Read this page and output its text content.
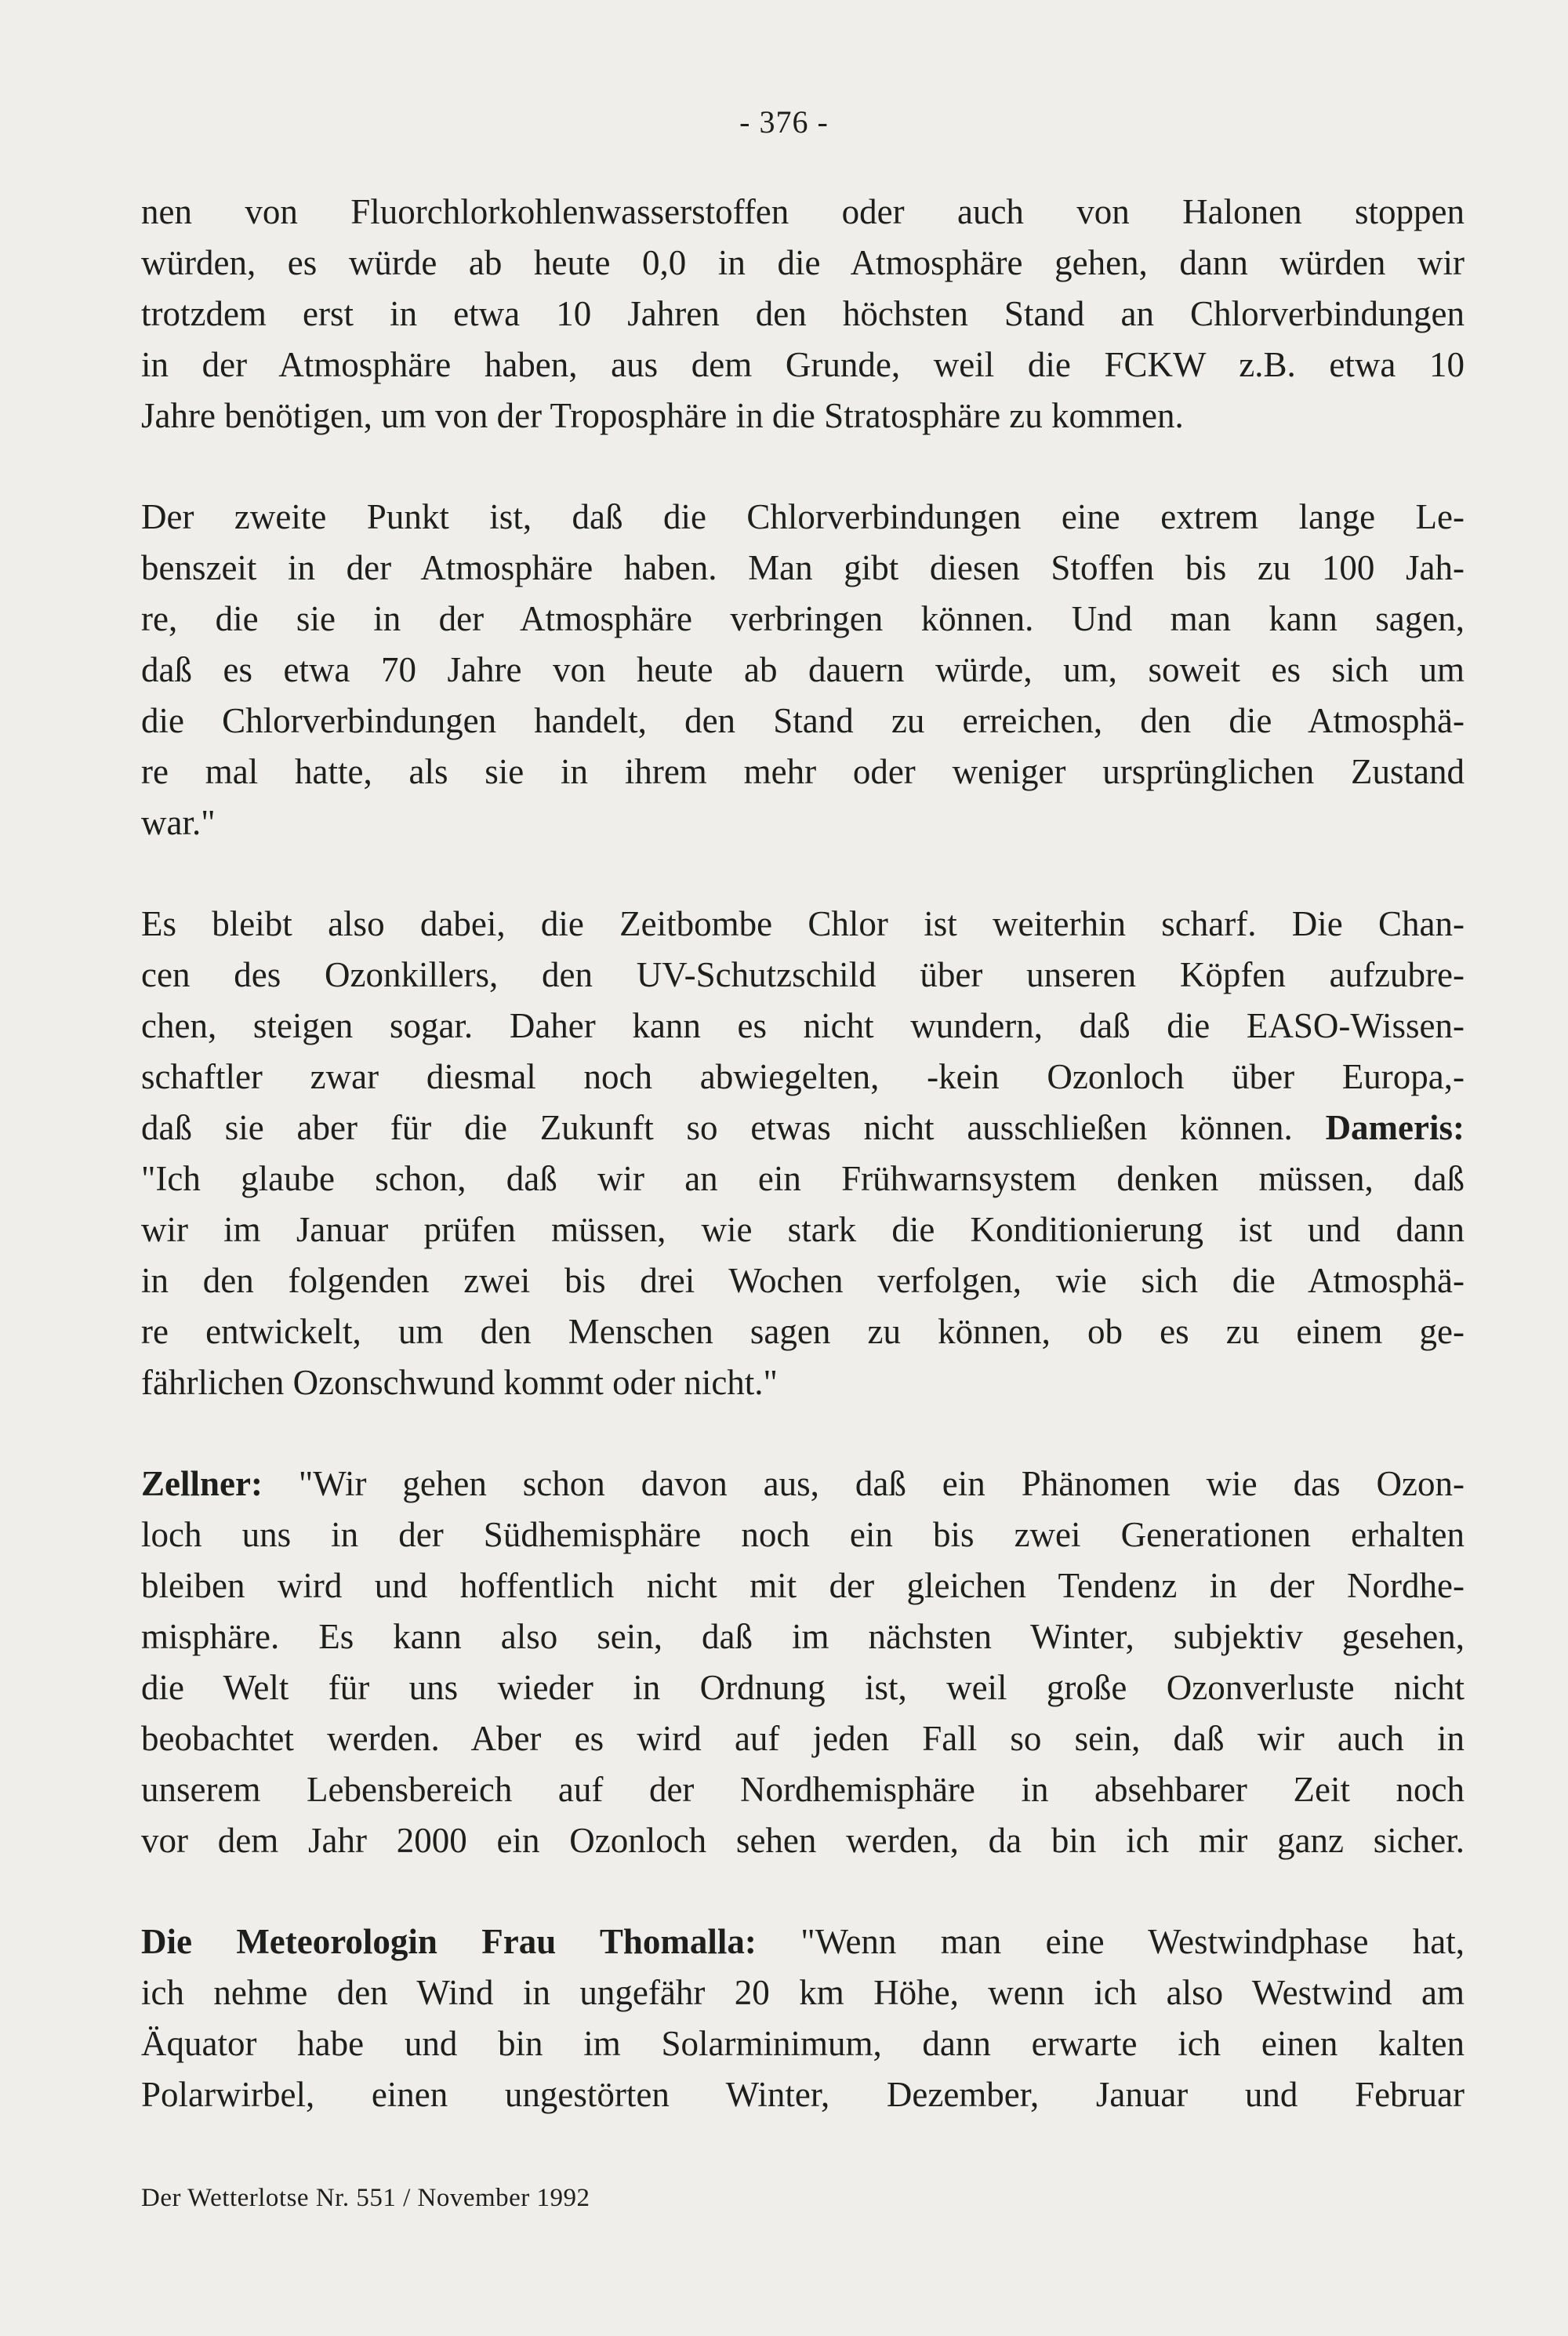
- 376 -

nen von Fluorchlorkohlenwasserstoffen oder auch von Halonen stoppen
würden, es würde ab heute 0,0 in die Atmosphäre gehen, dann würden wir
trotzdem erst in etwa 10 Jahren den höchsten Stand an Chlorverbindungen
in der Atmosphäre haben, aus dem Grunde, weil die FCKW z.B. etwa 10
Jahre benötigen, um von der Troposphäre in die Stratosphäre zu kommen.

Der zweite Punkt ist, daß die Chlorverbindungen eine extrem lange Le-
benszeit in der Atmosphäre haben. Man gibt diesen Stoffen bis zu 100 Jah-
re, die sie in der Atmosphäre verbringen können. Und man kann sagen,
daß es etwa 70 Jahre von heute ab dauern würde, um, soweit es sich um
die Chlorverbindungen handelt, den Stand zu erreichen, den die Atmosphä-
re mal hatte, als sie in ihrem mehr oder weniger ursprünglichen Zustand
war."

Es bleibt also dabei, die Zeitbombe Chlor ist weiterhin scharf. Die Chan-
cen des Ozonkillers, den UV-Schutzschild über unseren Köpfen aufzubre-
chen, steigen sogar. Daher kann es nicht wundern, daß die EASO-Wissen-
schaftler zwar diesmal noch abwiegelten, -kein Ozonloch über Europa,-
daß sie aber für die Zukunft so etwas nicht ausschließen können. Dameris:
"Ich glaube schon, daß wir an ein Frühwarnsystem denken müssen, daß
wir im Januar prüfen müssen, wie stark die Konditionierung ist und dann
in den folgenden zwei bis drei Wochen verfolgen, wie sich die Atmosphä-
re entwickelt, um den Menschen sagen zu können, ob es zu einem ge-
fährlichen Ozonschwund kommt oder nicht."

Zellner: "Wir gehen schon davon aus, daß ein Phänomen wie das Ozon-
loch uns in der Südhemisphäre noch ein bis zwei Generationen erhalten
bleiben wird und hoffentlich nicht mit der gleichen Tendenz in der Nordhe-
misphäre. Es kann also sein, daß im nächsten Winter, subjektiv gesehen,
die Welt für uns wieder in Ordnung ist, weil große Ozonverluste nicht
beobachtet werden. Aber es wird auf jeden Fall so sein, daß wir auch in
unserem Lebensbereich auf der Nordhemisphäre in absehbarer Zeit noch
vor dem Jahr 2000 ein Ozonloch sehen werden, da bin ich mir ganz sicher.

Die Meteorologin Frau Thomalla: "Wenn man eine Westwindphase hat,
ich nehme den Wind in ungefähr 20 km Höhe, wenn ich also Westwind am
Äquator habe und bin im Solarminimum, dann erwarte ich einen kalten
Polarwirbel, einen ungestörten Winter, Dezember, Januar und Februar

Der Wetterlotse Nr. 551 / November 1992
